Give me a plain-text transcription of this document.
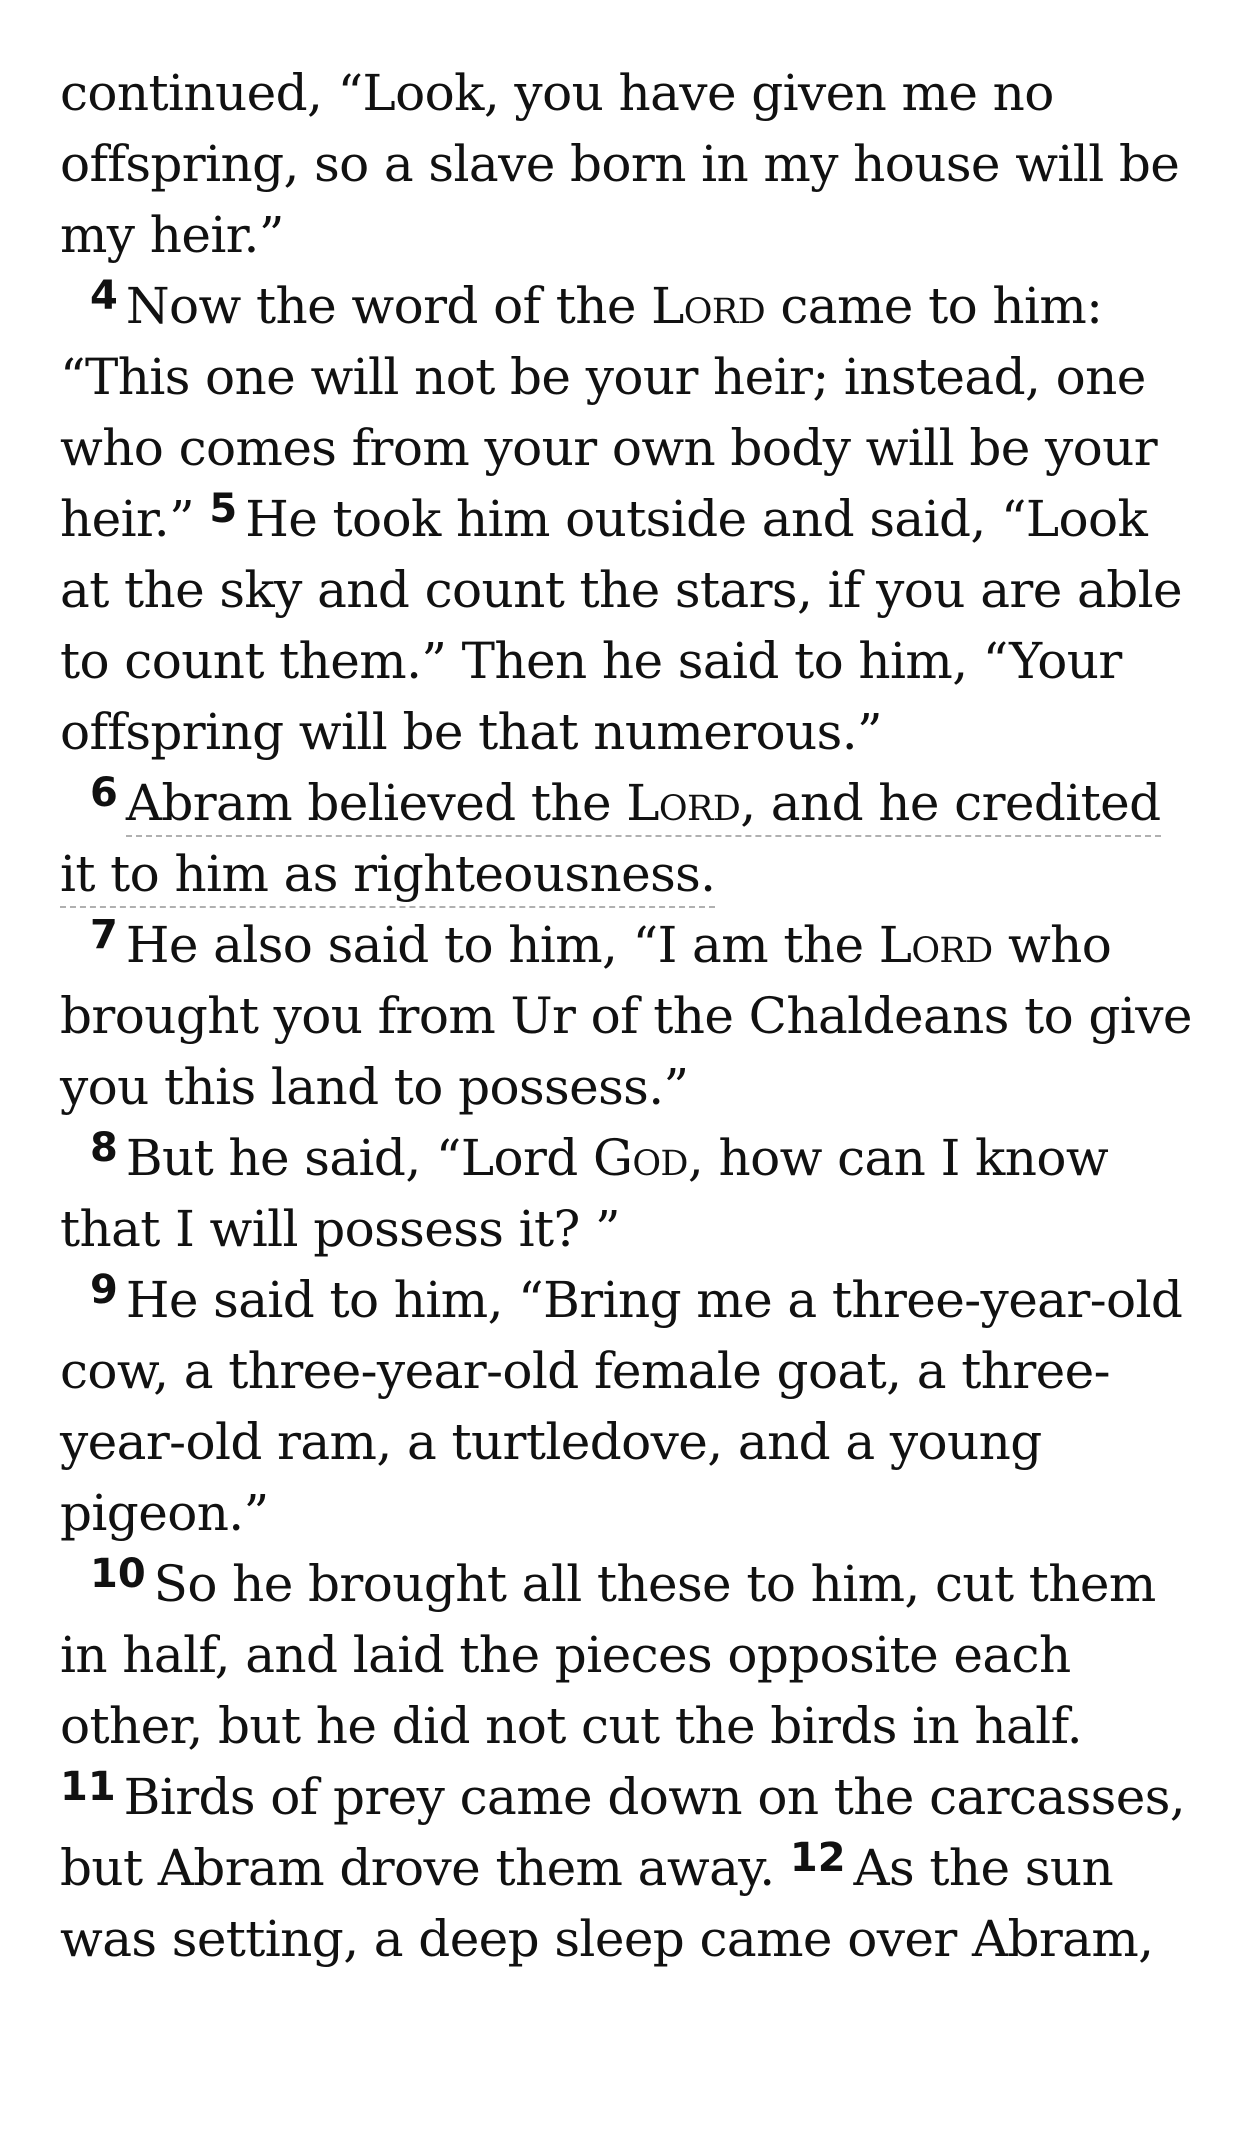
continued, “Look, you have given me no offspring, so a slave born in my house will be my heir.”

$^4$ Now the word of the Lord came to him: “This one will not be your heir; instead, one who comes from your own body will be your heir.” $^5$ He took him outside and said, “Look at the sky and count the stars, if you are able to count them.” Then he said to him, “Your offspring will be that numerous.”

$^6$ Abram believed the Lord, and he credited it to him as righteousness.

$^7$ He also said to him, “I am the Lord who brought you from Ur of the Chaldeans to give you this land to possess.”

$^8$ But he said, “Lord God, how can I know that I will possess it? ”

$^9$ He said to him, “Bring me a three-year-old cow, a three-year-old female goat, a three-year-old ram, a turtledove, and a young pigeon.”

$^{10}$ So he brought all these to him, cut them in half, and laid the pieces opposite each other, but he did not cut the birds in half. $^{11}$ Birds of prey came down on the carcasses, but Abram drove them away. $^{12}$ As the sun was setting, a deep sleep came over Abram,
